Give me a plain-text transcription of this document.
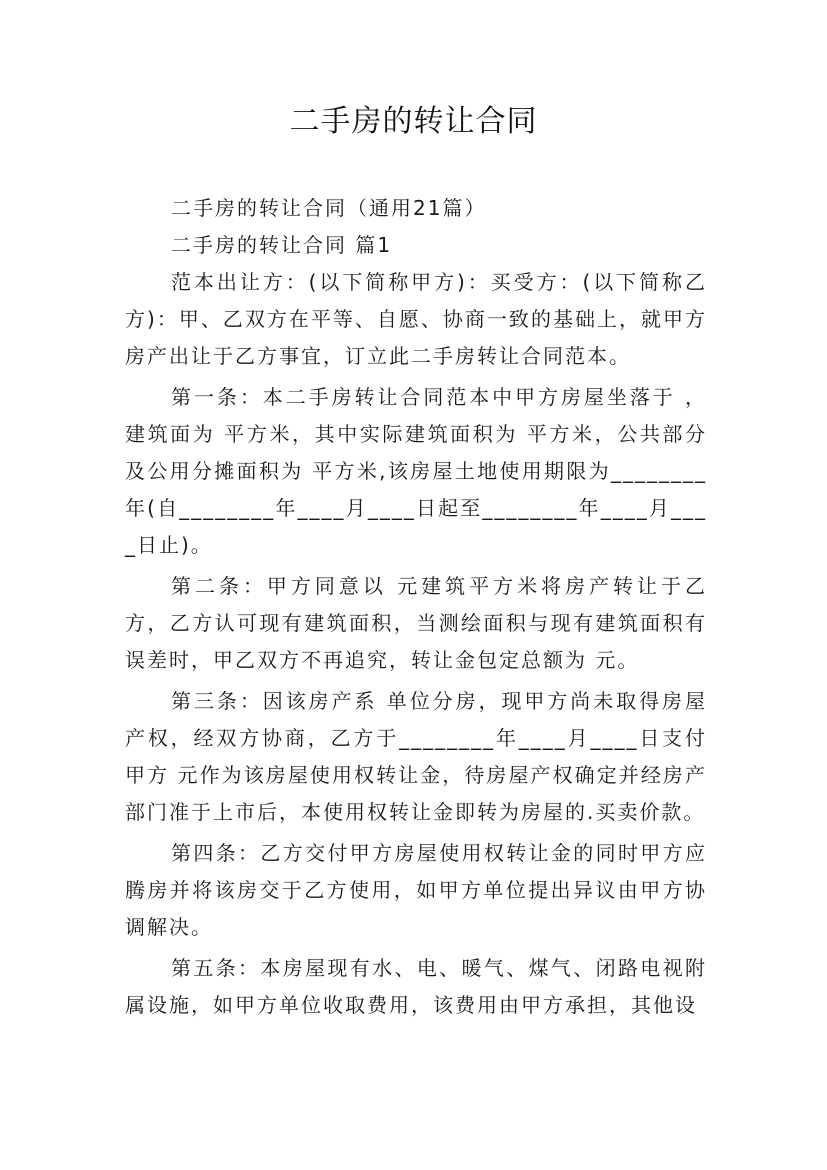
二手房的转让合同

二手房的转让合同（通用21篇）

二手房的转让合同 篇1

范本出让方：(以下简称甲方)：买受方：(以下简称乙方)：甲、乙双方在平等、自愿、协商一致的基础上，就甲方房产出让于乙方事宜，订立此二手房转让合同范本。

第一条：本二手房转让合同范本中甲方房屋坐落于 ，建筑面为 平方米，其中实际建筑面积为 平方米，公共部分及公用分摊面积为 平方米,该房屋土地使用期限为________年(自________年____月____日起至________年____月____日止)。

第二条：甲方同意以 元建筑平方米将房产转让于乙方，乙方认可现有建筑面积，当测绘面积与现有建筑面积有误差时，甲乙双方不再追究，转让金包定总额为 元。

第三条：因该房产系 单位分房，现甲方尚未取得房屋产权，经双方协商，乙方于________年____月____日支付甲方 元作为该房屋使用权转让金，待房屋产权确定并经房产部门准于上市后，本使用权转让金即转为房屋的.买卖价款。

第四条：乙方交付甲方房屋使用权转让金的同时甲方应腾房并将该房交于乙方使用，如甲方单位提出异议由甲方协调解决。

第五条：本房屋现有水、电、暖气、煤气、闭路电视附属设施，如甲方单位收取费用，该费用由甲方承担，其他设
